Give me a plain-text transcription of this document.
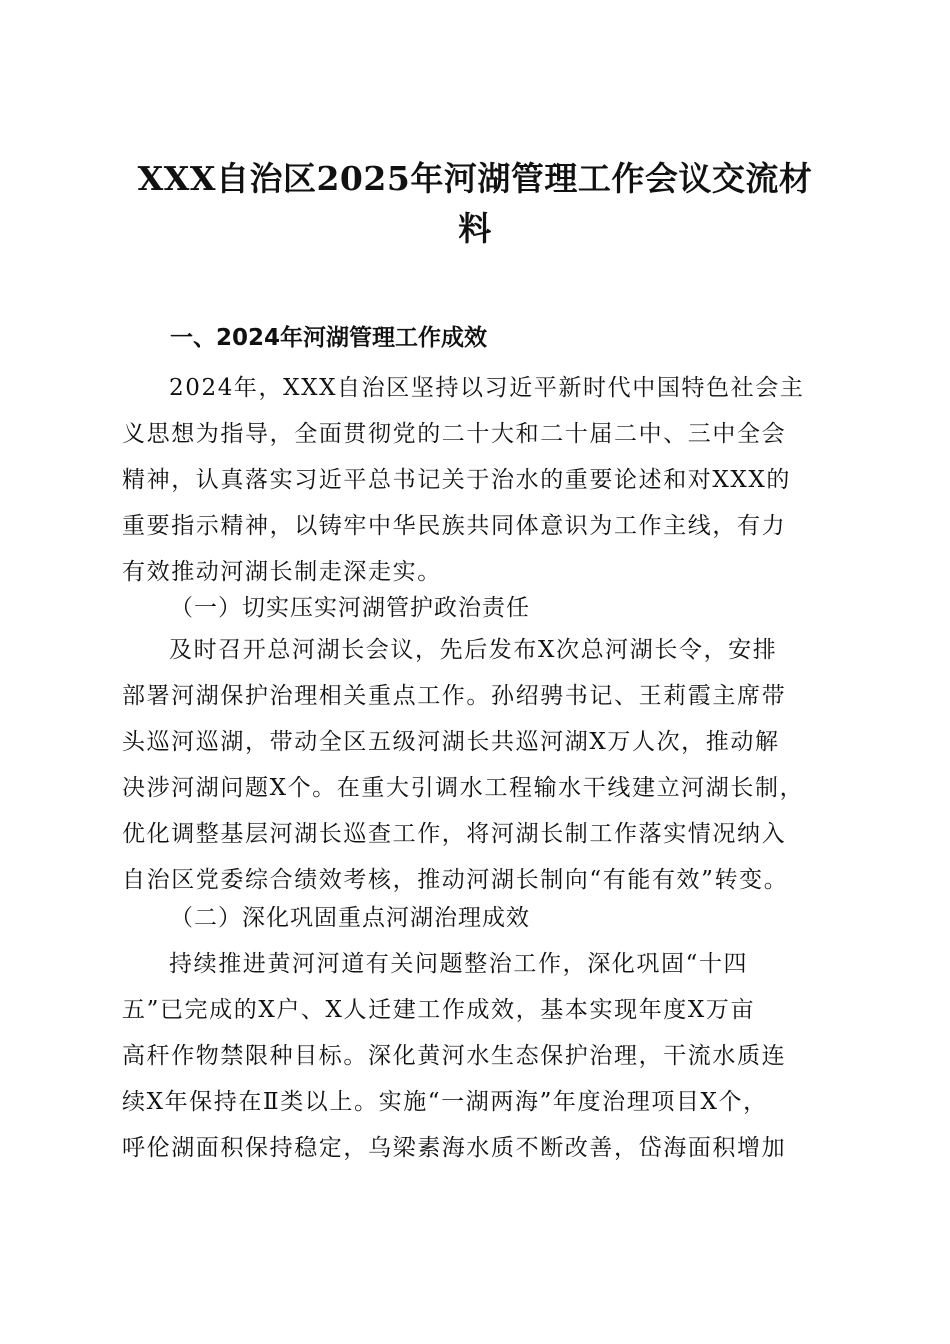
XXX自治区2025年河湖管理工作会议交流材
料
一、2024年河湖管理工作成效

2024年，XXX自治区坚持以习近平新时代中国特色社会主
义思想为指导，全面贯彻党的二十大和二十届二中、三中全会
精神，认真落实习近平总书记关于治水的重要论述和对XXX的
重要指示精神，以铸牢中华民族共同体意识为工作主线，有力
有效推动河湖长制走深走实。

（一）切实压实河湖管护政治责任

及时召开总河湖长会议，先后发布X次总河湖长令，安排
部署河湖保护治理相关重点工作。孙绍骋书记、王莉霞主席带
头巡河巡湖，带动全区五级河湖长共巡河湖X万人次，推动解
决涉河湖问题X个。在重大引调水工程输水干线建立河湖长制，
优化调整基层河湖长巡查工作，将河湖长制工作落实情况纳入
自治区党委综合绩效考核，推动河湖长制向“有能有效”转变。

（二）深化巩固重点河湖治理成效

持续推进黄河河道有关问题整治工作，深化巩固“十四
五”已完成的X户、X人迁建工作成效，基本实现年度X万亩
高秆作物禁限种目标。深化黄河水生态保护治理，干流水质连
续X年保持在Ⅱ类以上。实施“一湖两海”年度治理项目X个，
呼伦湖面积保持稳定，乌梁素海水质不断改善，岱海面积增加
